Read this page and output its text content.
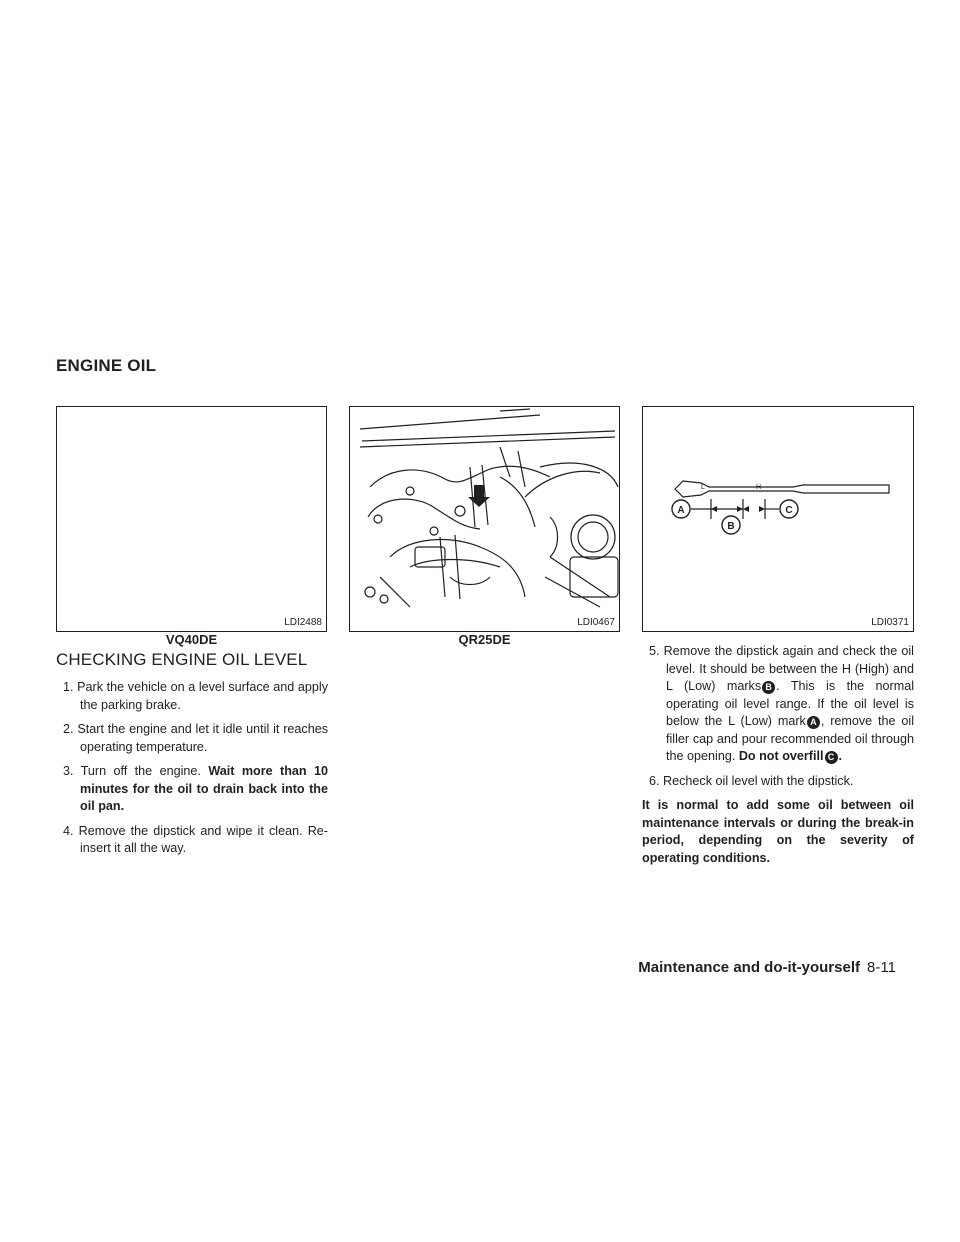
ENGINE OIL
LDI2488
VQ40DE
LDI0467
QR25DE
L	H
A
B
C
LDI0371
CHECKING ENGINE OIL LEVEL

1. Park the vehicle on a level surface and apply the parking brake.

2. Start the engine and let it idle until it reaches operating temperature.

3. Turn off the engine. Wait more than 10 minutes for the oil to drain back into the oil pan.

4. Remove the dipstick and wipe it clean. Re-insert it all the way.

5. Remove the dipstick again and check the oil level. It should be between the H (High) and L (Low) marks B . This is the normal operating oil level range. If the oil level is below the L (Low) mark A , remove the oil filler cap and pour recommended oil through the opening. Do not overfill C .

6. Recheck oil level with the dipstick.

It is normal to add some oil between oil maintenance intervals or during the break-in period, depending on the severity of operating conditions.

Maintenance and do-it-yourself 8-11
